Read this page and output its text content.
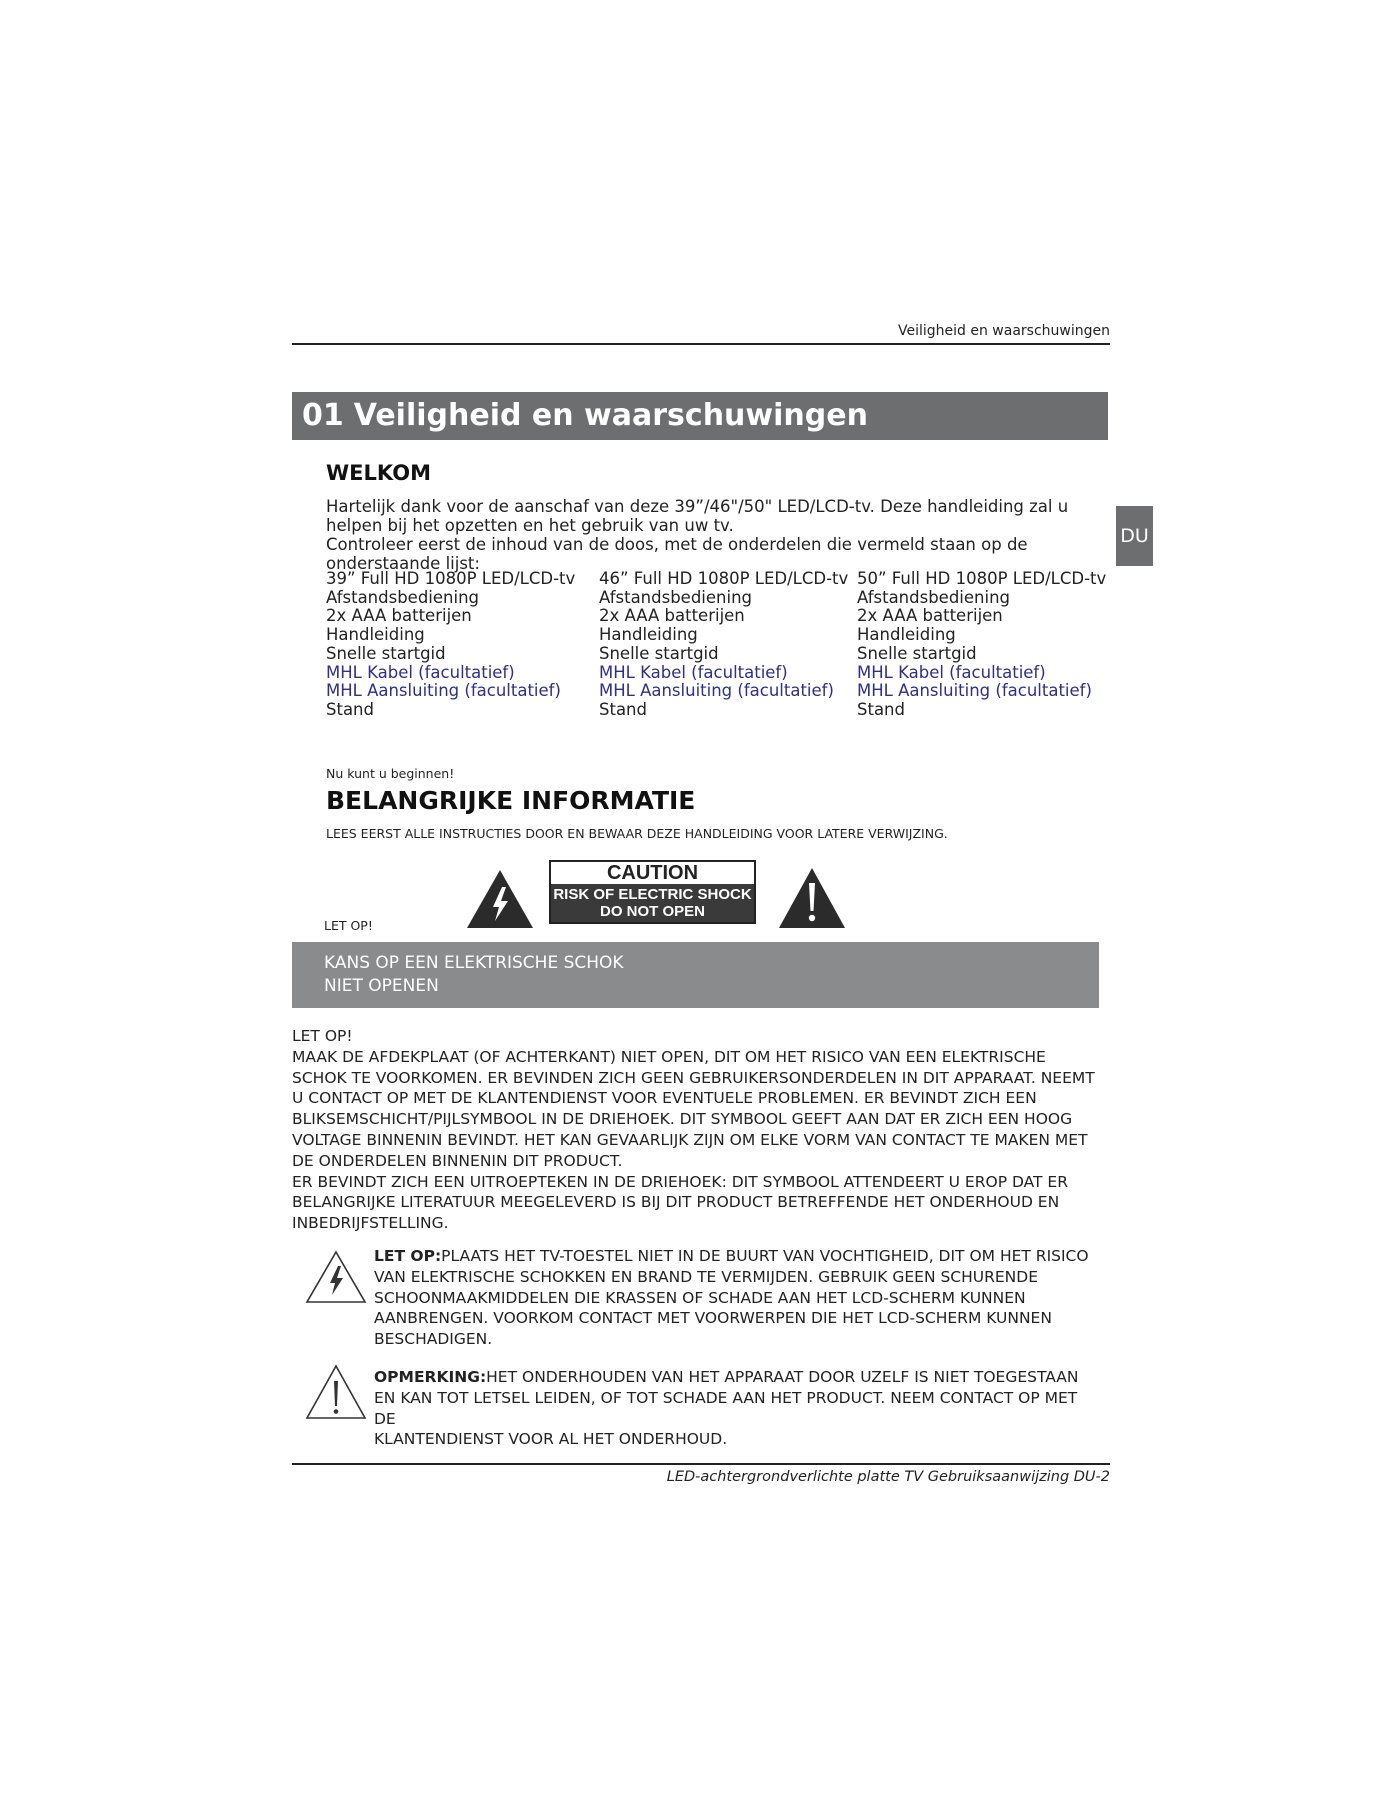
Veiligheid en waarschuwingen
01 Veiligheid en waarschuwingen
DU
WELKOM
Hartelijk dank voor de aanschaf van deze 39”/46"/50" LED/LCD-tv. Deze handleiding zal u helpen bij het opzetten en het gebruik van uw tv.
Controleer eerst de inhoud van de doos, met de onderdelen die vermeld staan op de onderstaande lijst:
39” Full HD 1080P LED/LCD-tv
Afstandsbediening
2x AAA batterijen
Handleiding
Snelle startgid
MHL Kabel (facultatief)
MHL Aansluiting (facultatief)
Stand
46” Full HD 1080P LED/LCD-tv
Afstandsbediening
2x AAA batterijen
Handleiding
Snelle startgid
MHL Kabel (facultatief)
MHL Aansluiting (facultatief)
Stand
50” Full HD 1080P LED/LCD-tv
Afstandsbediening
2x AAA batterijen
Handleiding
Snelle startgid
MHL Kabel (facultatief)
MHL Aansluiting (facultatief)
Stand
Nu kunt u beginnen!
BELANGRIJKE INFORMATIE
LEES EERST ALLE INSTRUCTIES DOOR EN BEWAAR DEZE HANDLEIDING VOOR LATERE VERWIJZING.
LET OP!
CAUTION
RISK OF ELECTRIC SHOCK
DO NOT OPEN
KANS OP EEN ELEKTRISCHE SCHOK
NIET OPENEN
LET OP!
MAAK DE AFDEKPLAAT (OF ACHTERKANT) NIET OPEN, DIT OM HET RISICO VAN EEN ELEKTRISCHE
SCHOK TE VOORKOMEN. ER BEVINDEN ZICH GEEN GEBRUIKERSONDERDELEN IN DIT APPARAAT. NEEMT
U CONTACT OP MET DE KLANTENDIENST VOOR EVENTUELE PROBLEMEN. ER BEVINDT ZICH EEN
BLIKSEMSCHICHT/PIJLSYMBOOL IN DE DRIEHOEK. DIT SYMBOOL GEEFT AAN DAT ER ZICH EEN HOOG
VOLTAGE BINNENIN BEVINDT. HET KAN GEVAARLIJK ZIJN OM ELKE VORM VAN CONTACT TE MAKEN MET
DE ONDERDELEN BINNENIN DIT PRODUCT.
ER BEVINDT ZICH EEN UITROEPTEKEN IN DE DRIEHOEK: DIT SYMBOOL ATTENDEERT U EROP DAT ER
BELANGRIJKE LITERATUUR MEEGELEVERD IS BIJ DIT PRODUCT BETREFFENDE HET ONDERHOUD EN
INBEDRIJFSTELLING.
LET OP:PLAATS HET TV-TOESTEL NIET IN DE BUURT VAN VOCHTIGHEID, DIT OM HET RISICO
VAN ELEKTRISCHE SCHOKKEN EN BRAND TE VERMIJDEN. GEBRUIK GEEN SCHURENDE
SCHOONMAAKMIDDELEN DIE KRASSEN OF SCHADE AAN HET LCD-SCHERM KUNNEN
AANBRENGEN. VOORKOM CONTACT MET VOORWERPEN DIE HET LCD-SCHERM KUNNEN
BESCHADIGEN.
OPMERKING:HET ONDERHOUDEN VAN HET APPARAAT DOOR UZELF IS NIET TOEGESTAAN
EN KAN TOT LETSEL LEIDEN, OF TOT SCHADE AAN HET PRODUCT. NEEM CONTACT OP MET DE
KLANTENDIENST VOOR AL HET ONDERHOUD.
LED-achtergrondverlichte platte TV Gebruiksaanwijzing DU-2
